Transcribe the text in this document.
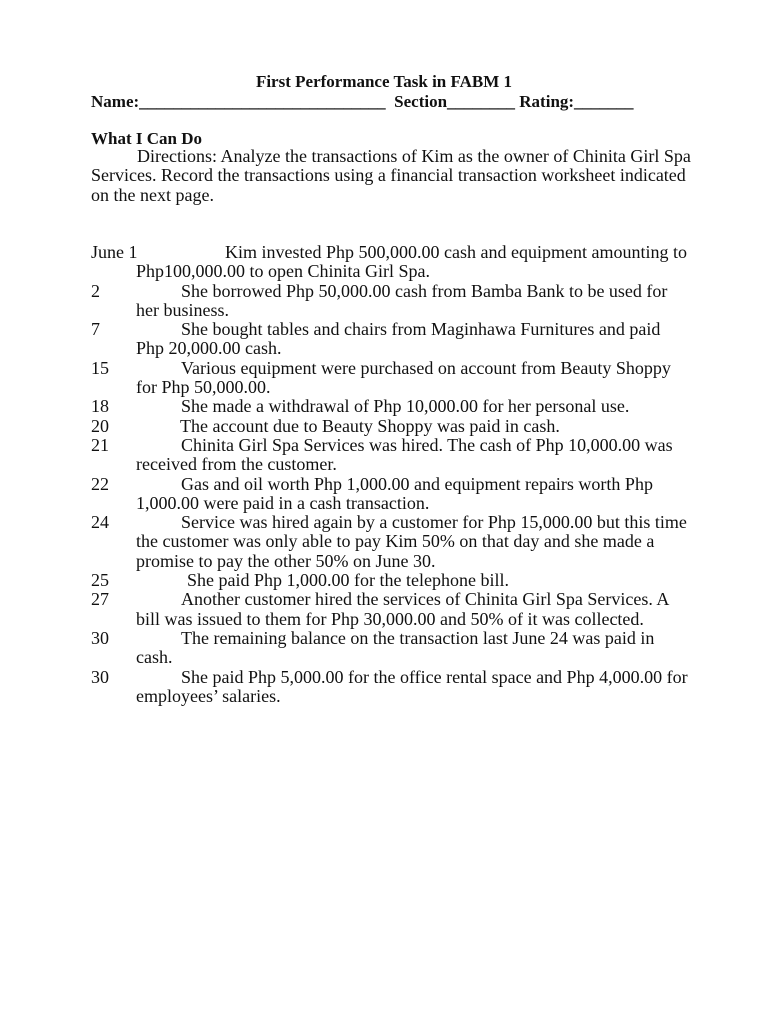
First Performance Task in FABM 1
Name:_____________________________  Section________ Rating:_______
What I Can Do
Directions: Analyze the transactions of Kim as the owner of Chinita Girl Spa Services. Record the transactions using a financial transaction worksheet indicated on the next page.
June 1	Kim invested Php 500,000.00 cash and equipment amounting to Php100,000.00 to open Chinita Girl Spa.
2	She borrowed Php 50,000.00 cash from Bamba Bank to be used for her business.
7	She bought tables and chairs from Maginhawa Furnitures and paid Php 20,000.00 cash.
15	Various equipment were purchased on account from Beauty Shoppy for Php 50,000.00.
18	She made a withdrawal of Php 10,000.00 for her personal use.
20	The account due to Beauty Shoppy was paid in cash.
21	Chinita Girl Spa Services was hired. The cash of Php 10,000.00 was received from the customer.
22	Gas and oil worth Php 1,000.00 and equipment repairs worth Php 1,000.00 were paid in a cash transaction.
24	Service was hired again by a customer for Php 15,000.00 but this time the customer was only able to pay Kim 50% on that day and she made a promise to pay the other 50% on June 30.
25	She paid Php 1,000.00 for the telephone bill.
27	Another customer hired the services of Chinita Girl Spa Services. A bill was issued to them for Php 30,000.00 and 50% of it was collected.
30	The remaining balance on the transaction last June 24 was paid in cash.
30	She paid Php 5,000.00 for the office rental space and Php 4,000.00 for employees’ salaries.
